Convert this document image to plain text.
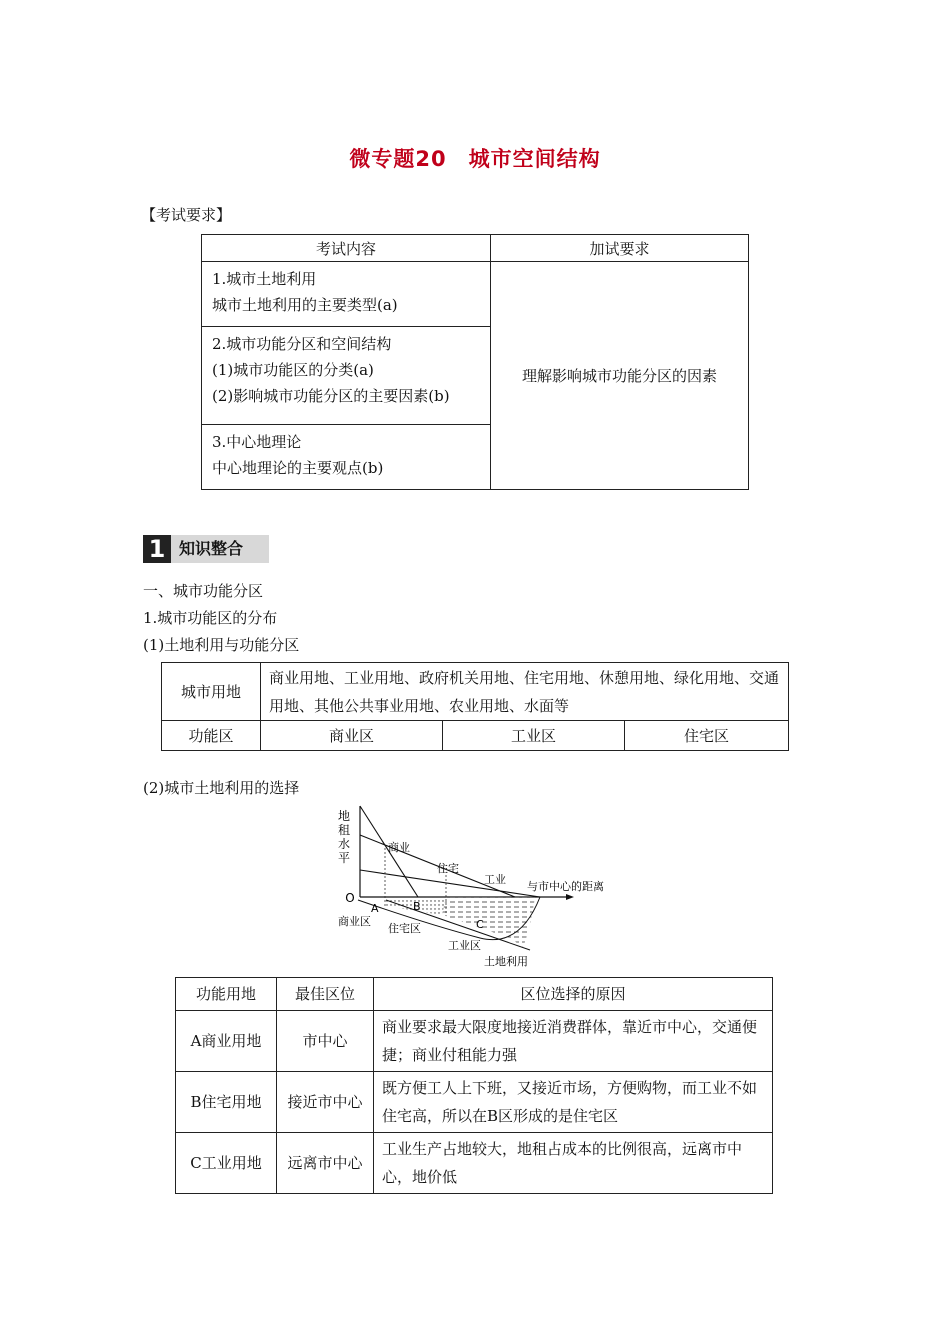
微专题20　城市空间结构
【考试要求】
考试内容	加试要求

1.城市土地利用
城市土地利用的主要类型(a)	理解影响城市功能分区的因素

2.城市功能分区和空间结构
(1)城市功能区的分类(a)
(2)影响城市功能分区的主要因素(b)	

3.中心地理论
中心地理论的主要观点(b)	
1 知识整合
一、城市功能分区
1.城市功能区的分布
(1)土地利用与功能分区
城市用地	商业用地、工业用地、政府机关用地、住宅用地、休憩用地、绿化用地、交通用地、其他公共事业用地、农业用地、水面等		
功能区	商业区	工业区	住宅区
(2)城市土地利用的选择
地
租
水
平
O
与市中心的距离
商业
住宅
工业
A	B
C
商业区
住宅区
工业区
土地利用
功能用地	最佳区位	区位选择的原因
A商业用地	市中心	商业要求最大限度地接近消费群体，靠近市中心，交通便捷；商业付租能力强
B住宅用地	接近市中心	既方便工人上下班，又接近市场，方便购物，而工业不如住宅高，所以在B区形成的是住宅区
C工业用地	远离市中心	工业生产占地较大，地租占成本的比例很高，远离市中心，地价低
